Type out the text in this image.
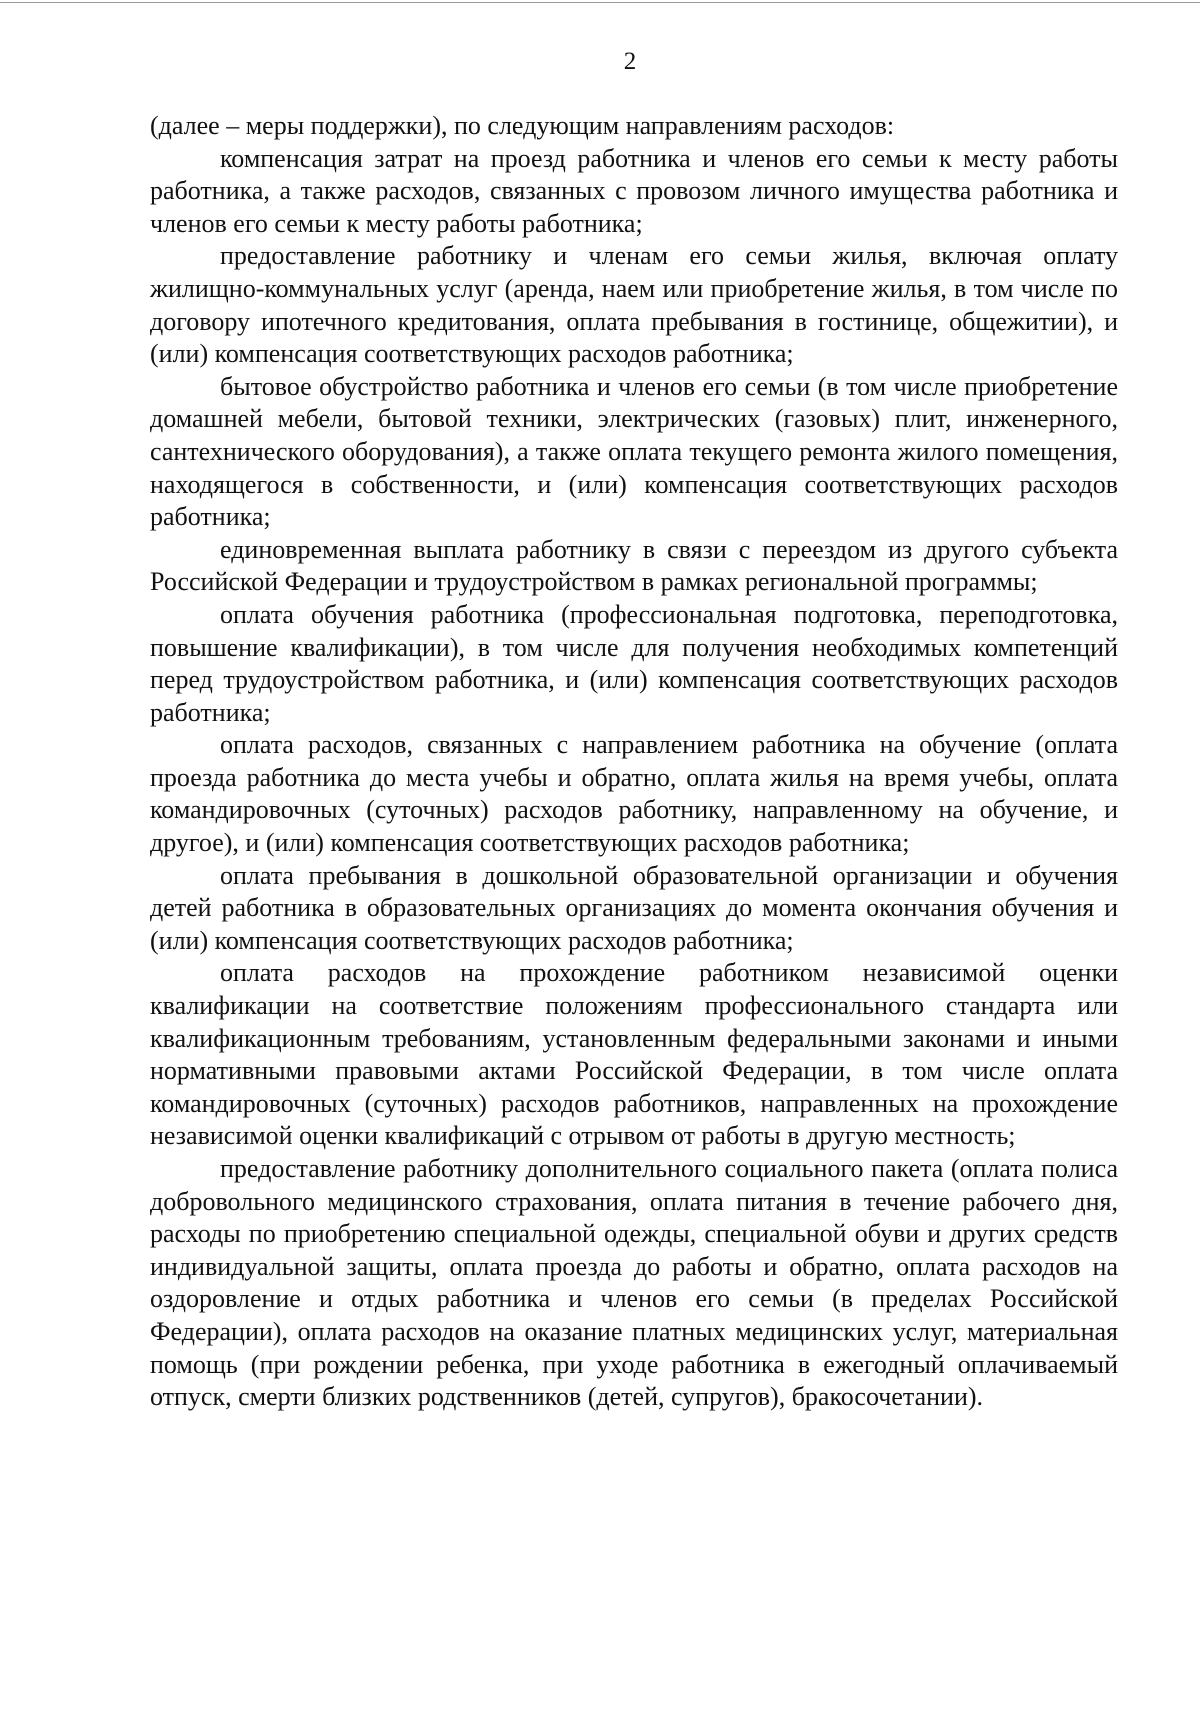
2

(далее – меры поддержки), по следующим направлениям расходов:

компенсация затрат на проезд работника и членов его семьи к месту работы работника, а также расходов, связанных с провозом личного имущества работника и членов его семьи к месту работы работника;

предоставление работнику и членам его семьи жилья, включая оплату жилищно-коммунальных услуг (аренда, наем или приобретение жилья, в том числе по договору ипотечного кредитования, оплата пребывания в гостинице, общежитии), и (или) компенсация соответствующих расходов работника;

бытовое обустройство работника и членов его семьи (в том числе приобретение домашней мебели, бытовой техники, электрических (газовых) плит, инженерного, сантехнического оборудования), а также оплата текущего ремонта жилого помещения, находящегося в собственности, и (или) компенсация соответствующих расходов работника;

единовременная выплата работнику в связи с переездом из другого субъекта Российской Федерации и трудоустройством в рамках региональной программы;

оплата обучения работника (профессиональная подготовка, переподготовка, повышение квалификации), в том числе для получения необходимых компетенций перед трудоустройством работника, и (или) компенсация соответствующих расходов работника;

оплата расходов, связанных с направлением работника на обучение (оплата проезда работника до места учебы и обратно, оплата жилья на время учебы, оплата командировочных (суточных) расходов работнику, направленному на обучение, и другое), и (или) компенсация соответствующих расходов работника;

оплата пребывания в дошкольной образовательной организации и обучения детей работника в образовательных организациях до момента окончания обучения и (или) компенсация соответствующих расходов работника;

оплата расходов на прохождение работником независимой оценки квалификации на соответствие положениям профессионального стандарта или квалификационным требованиям, установленным федеральными законами и иными нормативными правовыми актами Российской Федерации, в том числе оплата командировочных (суточных) расходов работников, направленных на прохождение независимой оценки квалификаций с отрывом от работы в другую местность;

предоставление работнику дополнительного социального пакета (оплата полиса добровольного медицинского страхования, оплата питания в течение рабочего дня, расходы по приобретению специальной одежды, специальной обуви и других средств индивидуальной защиты, оплата проезда до работы и обратно, оплата расходов на оздоровление и отдых работника и членов его семьи (в пределах Российской Федерации), оплата расходов на оказание платных медицинских услуг, материальная помощь (при рождении ребенка, при уходе работника в ежегодный оплачиваемый отпуск, смерти близких родственников (детей, супругов), бракосочетании).
